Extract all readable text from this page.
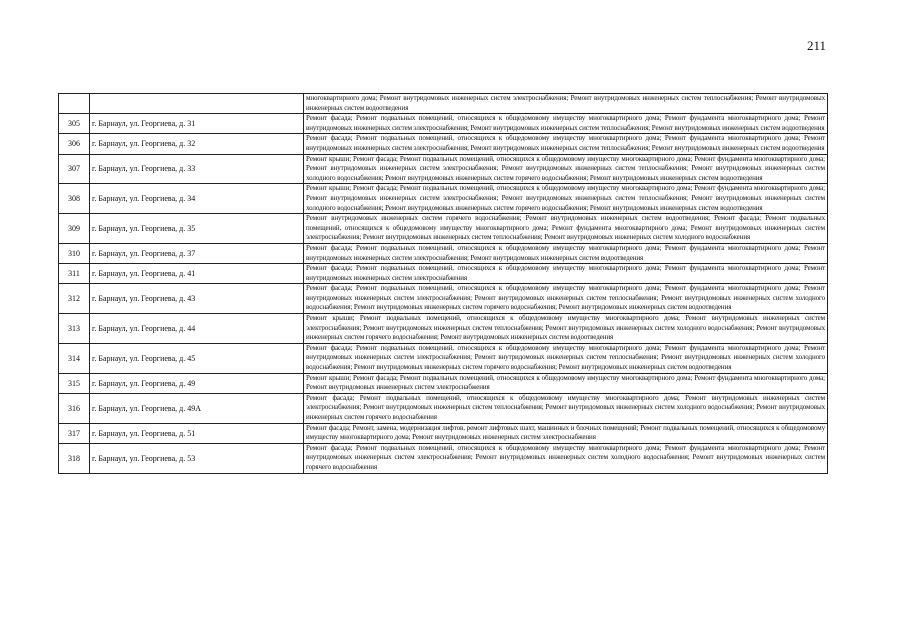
211
		многоквартирного дома; Ремонт внутридомовых инженерных систем электроснабжения; Ремонт внутридомовых инженерных систем теплоснабжения; Ремонт внутридомовых инженерных систем водоотведения
305	г. Барнаул, ул. Георгиева, д. 31	Ремонт фасада; Ремонт подвальных помещений, относящихся к общедомовому имуществу многоквартирного дома; Ремонт фундамента многоквартирного дома; Ремонт внутридомовых инженерных систем электроснабжения; Ремонт внутридомовых инженерных систем теплоснабжения; Ремонт внутридомовых инженерных систем водоотведения
306	г. Барнаул, ул. Георгиева, д. 32	Ремонт фасада; Ремонт подвальных помещений, относящихся к общедомовому имуществу многоквартирного дома; Ремонт фундамента многоквартирного дома; Ремонт внутридомовых инженерных систем электроснабжения; Ремонт внутридомовых инженерных систем теплоснабжения; Ремонт внутридомовых инженерных систем водоотведения
307	г. Барнаул, ул. Георгиева, д. 33	Ремонт крыши; Ремонт фасада; Ремонт подвальных помещений, относящихся к общедомовому имуществу многоквартирного дома; Ремонт фундамента многоквартирного дома; Ремонт внутридомовых инженерных систем электроснабжения; Ремонт внутридомовых инженерных систем теплоснабжения; Ремонт внутридомовых инженерных систем холодного водоснабжения; Ремонт внутридомовых инженерных систем горячего водоснабжения; Ремонт внутридомовых инженерных систем водоотведения
308	г. Барнаул, ул. Георгиева, д. 34	Ремонт крыши; Ремонт фасада; Ремонт подвальных помещений, относящихся к общедомовому имуществу многоквартирного дома; Ремонт фундамента многоквартирного дома; Ремонт внутридомовых инженерных систем электроснабжения; Ремонт внутридомовых инженерных систем теплоснабжения; Ремонт внутридомовых инженерных систем холодного водоснабжения; Ремонт внутридомовых инженерных систем горячего водоснабжения; Ремонт внутридомовых инженерных систем водоотведения
309	г. Барнаул, ул. Георгиева, д. 35	Ремонт внутридомовых инженерных систем горячего водоснабжения; Ремонт внутридомовых инженерных систем водоотведения; Ремонт фасада; Ремонт подвальных помещений, относящихся к общедомовому имуществу многоквартирного дома; Ремонт фундамента многоквартирного дома; Ремонт внутридомовых инженерных систем электроснабжения; Ремонт внутридомовых инженерных систем теплоснабжения; Ремонт внутридомовых инженерных систем холодного водоснабжения
310	г. Барнаул, ул. Георгиева, д. 37	Ремонт фасада; Ремонт подвальных помещений, относящихся к общедомовому имуществу многоквартирного дома; Ремонт фундамента многоквартирного дома; Ремонт внутридомовых инженерных систем электроснабжения; Ремонт внутридомовых инженерных систем водоотведения
311	г. Барнаул, ул. Георгиева, д. 41	Ремонт фасада; Ремонт подвальных помещений, относящихся к общедомовому имуществу многоквартирного дома; Ремонт фундамента многоквартирного дома; Ремонт внутридомовых инженерных систем электроснабжения
312	г. Барнаул, ул. Георгиева, д. 43	Ремонт фасада; Ремонт подвальных помещений, относящихся к общедомовому имуществу многоквартирного дома; Ремонт фундамента многоквартирного дома; Ремонт внутридомовых инженерных систем электроснабжения; Ремонт внутридомовых инженерных систем теплоснабжения; Ремонт внутридомовых инженерных систем холодного водоснабжения; Ремонт внутридомовых инженерных систем горячего водоснабжения; Ремонт внутридомовых инженерных систем водоотведения
313	г. Барнаул, ул. Георгиева, д. 44	Ремонт крыши; Ремонт подвальных помещений, относящихся к общедомовому имуществу многоквартирного дома; Ремонт внутридомовых инженерных систем электроснабжения; Ремонт внутридомовых инженерных систем теплоснабжения; Ремонт внутридомовых инженерных систем холодного водоснабжения; Ремонт внутридомовых инженерных систем горячего водоснабжения; Ремонт внутридомовых инженерных систем водоотведения
314	г. Барнаул, ул. Георгиева, д. 45	Ремонт фасада; Ремонт подвальных помещений, относящихся к общедомовому имуществу многоквартирного дома; Ремонт фундамента многоквартирного дома; Ремонт внутридомовых инженерных систем электроснабжения; Ремонт внутридомовых инженерных систем теплоснабжения; Ремонт внутридомовых инженерных систем холодного водоснабжения; Ремонт внутридомовых инженерных систем горячего водоснабжения; Ремонт внутридомовых инженерных систем водоотведения
315	г. Барнаул, ул. Георгиева, д. 49	Ремонт крыши; Ремонт фасада; Ремонт подвальных помещений, относящихся к общедомовому имуществу многоквартирного дома; Ремонт фундамента многоквартирного дома; Ремонт внутридомовых инженерных систем электроснабжения
316	г. Барнаул, ул. Георгиева, д. 49А	Ремонт фасада; Ремонт подвальных помещений, относящихся к общедомовому имуществу многоквартирного дома; Ремонт внутридомовых инженерных систем электроснабжения; Ремонт внутридомовых инженерных систем теплоснабжения; Ремонт внутридомовых инженерных систем холодного водоснабжения; Ремонт внутридомовых инженерных систем горячего водоснабжения
317	г. Барнаул, ул. Георгиева, д. 51	Ремонт фасада; Ремонт, замена, модернизация лифтов, ремонт лифтовых шахт, машинных и блочных помещений; Ремонт подвальных помещений, относящихся к общедомовому имуществу многоквартирного дома; Ремонт внутридомовых инженерных систем электроснабжения
318	г. Барнаул, ул. Георгиева, д. 53	Ремонт фасада; Ремонт подвальных помещений, относящихся к общедомовому имуществу многоквартирного дома; Ремонт фундамента многоквартирного дома; Ремонт внутридомовых инженерных систем электроснабжения; Ремонт внутридомовых инженерных систем холодного водоснабжения; Ремонт внутридомовых инженерных систем горячего водоснабжения
